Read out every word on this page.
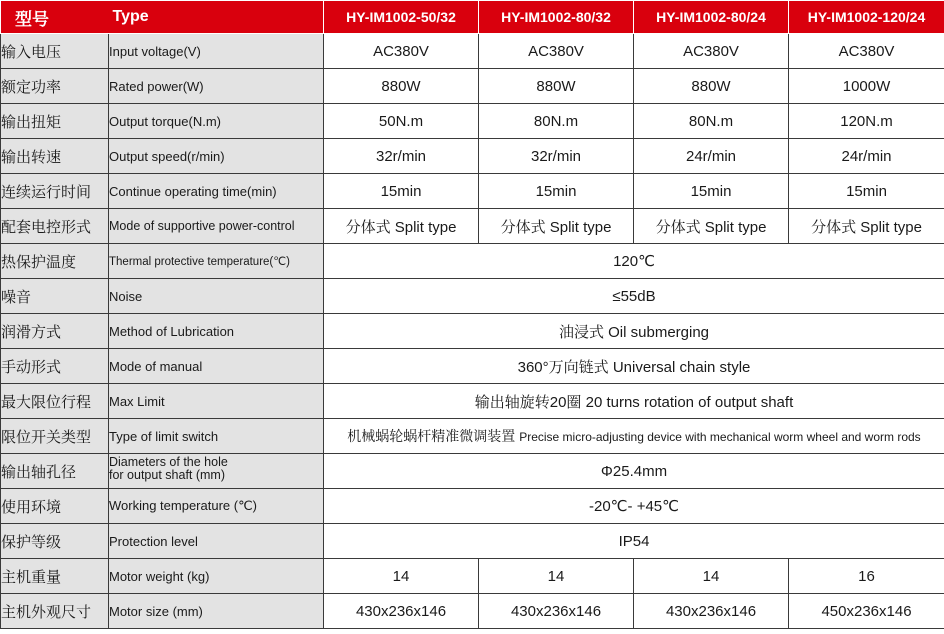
型号	Type	HY-IM1002-50/32	HY-IM1002-80/32	HY-IM1002-80/24	HY-IM1002-120/24
输入电压	Input voltage(V)	AC380V	AC380V	AC380V	AC380V
额定功率	Rated power(W)	880W	880W	880W	1000W
输出扭矩	Output torque(N.m)	50N.m	80N.m	80N.m	120N.m
输出转速	Output speed(r/min)	32r/min	32r/min	24r/min	24r/min
连续运行时间	Continue operating time(min)	15min	15min	15min	15min
配套电控形式	Mode of supportive power-control	分体式 Split type	分体式 Split type	分体式 Split type	分体式 Split type
热保护温度	Thermal protective temperature(℃)	120℃			
噪音	Noise	≤55dB			
润滑方式	Method of Lubrication	油浸式 Oil submerging			
手动形式	Mode of manual	360°万向链式 Universal chain style			
最大限位行程	Max Limit	输出轴旋转20圈 20 turns rotation of output shaft			
限位开关类型	Type of limit switch	机械蜗轮蜗杆精准微调装置 Precise micro-adjusting device with mechanical worm wheel and worm rods			
输出轴孔径	Diameters of the hole
for output shaft (mm)	Φ25.4mm			
使用环境	Working temperature (℃)	-20℃- +45℃			
保护等级	Protection level	IP54			
主机重量	Motor weight (kg)	14	14	14	16
主机外观尺寸	Motor size (mm)	430x236x146	430x236x146	430x236x146	450x236x146
